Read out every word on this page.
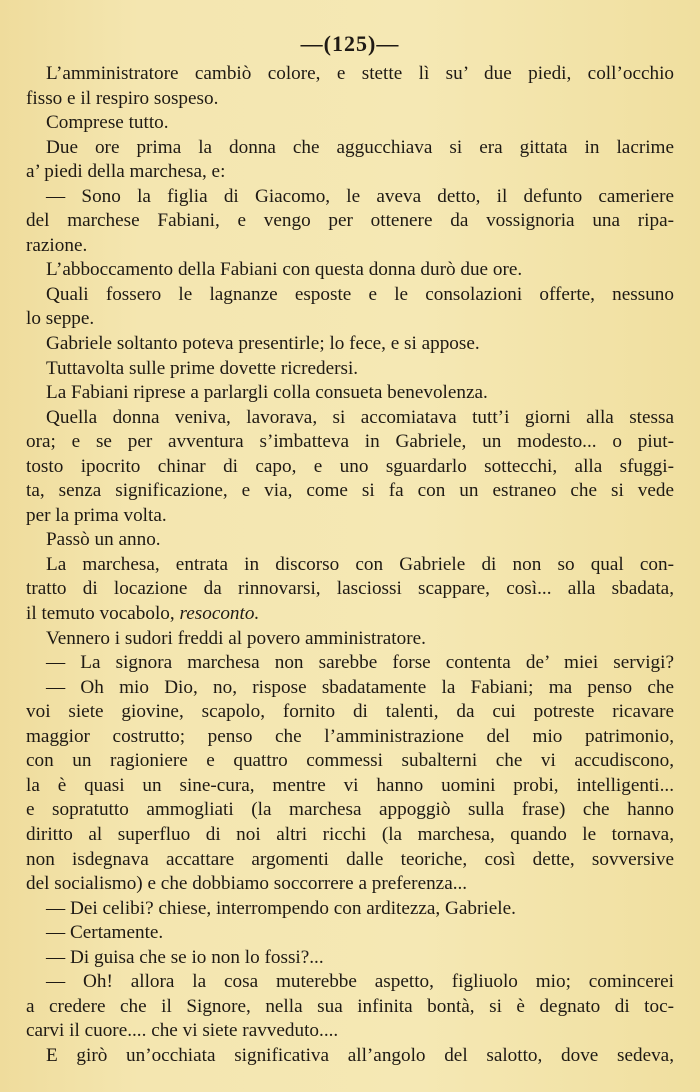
—(125)—
L’amministratore cambiò colore, e stette lì su’ due piedi, coll’occhio
fisso e il respiro sospeso.
Comprese tutto.
Due ore prima la donna che aggucchiava si era gittata in lacrime
a’ piedi della marchesa, e:
— Sono la figlia di Giacomo, le aveva detto, il defunto cameriere
del marchese Fabiani, e vengo per ottenere da vossignoria una ripa-
razione.
L’abboccamento della Fabiani con questa donna durò due ore.
Quali fossero le lagnanze esposte e le consolazioni offerte, nessuno
lo seppe.
Gabriele soltanto poteva presentirle; lo fece, e si appose.
Tuttavolta sulle prime dovette ricredersi.
La Fabiani riprese a parlargli colla consueta benevolenza.
Quella donna veniva, lavorava, si accomiatava tutt’i giorni alla stessa
ora; e se per avventura s’imbatteva in Gabriele, un modesto... o piut-
tosto ipocrito chinar di capo, e uno sguardarlo sottecchi, alla sfuggi-
ta, senza significazione, e via, come si fa con un estraneo che si vede
per la prima volta.
Passò un anno.
La marchesa, entrata in discorso con Gabriele di non so qual con-
tratto di locazione da rinnovarsi, lasciossi scappare, così... alla sbadata,
il temuto vocabolo, resoconto.
Vennero i sudori freddi al povero amministratore.
— La signora marchesa non sarebbe forse contenta de’ miei servigi?
— Oh mio Dio, no, rispose sbadatamente la Fabiani; ma penso che
voi siete giovine, scapolo, fornito di talenti, da cui potreste ricavare
maggior costrutto; penso che l’amministrazione del mio patrimonio,
con un ragioniere e quattro commessi subalterni che vi accudiscono,
la è quasi un sine-cura, mentre vi hanno uomini probi, intelligenti...
e sopratutto ammogliati (la marchesa appoggiò sulla frase) che hanno
diritto al superfluo di noi altri ricchi (la marchesa, quando le tornava,
non isdegnava accattare argomenti dalle teoriche, così dette, sovversive
del socialismo) e che dobbiamo soccorrere a preferenza...
— Dei celibi? chiese, interrompendo con arditezza, Gabriele.
— Certamente.
— Di guisa che se io non lo fossi?...
— Oh! allora la cosa muterebbe aspetto, figliuolo mio; comincerei
a credere che il Signore, nella sua infinita bontà, si è degnato di toc-
carvi il cuore.... che vi siete ravveduto....
E girò un’occhiata significativa all’angolo del salotto, dove sedeva,
